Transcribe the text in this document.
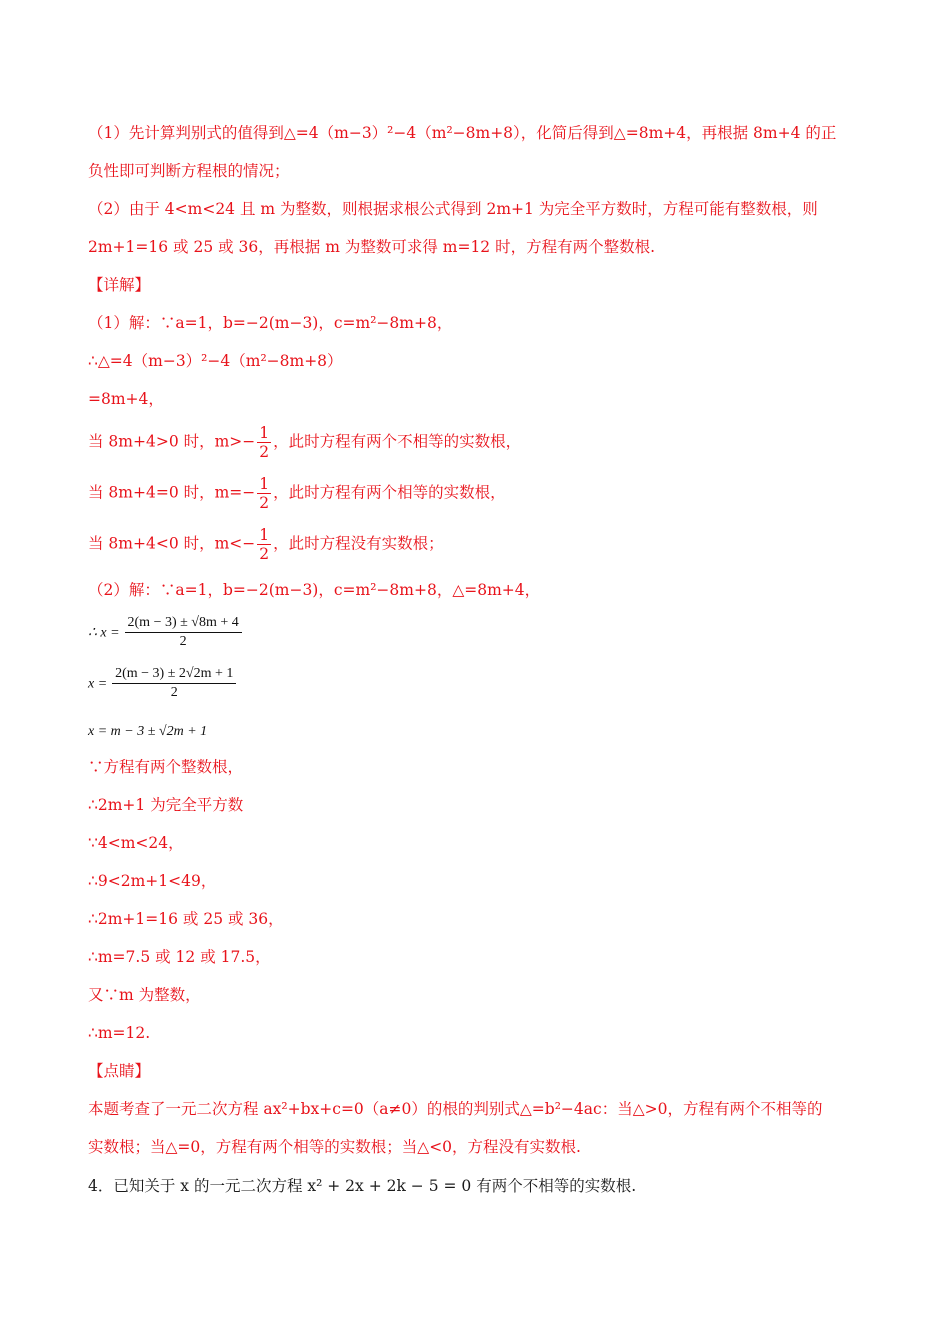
（1）先计算判别式的值得到△=4（m−3）²−4（m²−8m+8），化简后得到△=8m+4，再根据 8m+4 的正
负性即可判断方程根的情况；
（2）由于 4<m<24 且 m 为整数，则根据求根公式得到 2m+1 为完全平方数时，方程可能有整数根，则
2m+1=16 或 25 或 36，再根据 m 为整数可求得 m=12 时，方程有两个整数根.
【详解】
（1）解：∵a=1，b=−2(m−3)，c=m²−8m+8，
∴△=4（m−3）²−4（m²−8m+8）
=8m+4，
当 8m+4>0 时，$m>- \frac{1}{2}$ ，此时方程有两个不相等的实数根，
当 8m+4=0 时，$m=- \frac{1}{2}$ ，此时方程有两个相等的实数根，
当 8m+4<0 时，$m<- \frac{1}{2}$ ，此时方程没有实数根；
（2）解：∵a=1，b=−2(m−3)，c=m²−8m+8，△=8m+4，
∴ $x = \frac{2(m - 3) \pm √8m + 4}{2}$
$x = \frac{2(m - 3) \pm 2√2m + 1}{2}$
x = m − 3 ± √2m + 1
∵方程有两个整数根，
∴2m+1 为完全平方数
∵4<m<24，
∴9<2m+1<49，
∴2m+1=16 或 25 或 36，
∴m=7.5 或 12 或 17.5，
又∵m 为整数，
∴m=12.
【点睛】
本题考查了一元二次方程 ax²+bx+c=0（a≠0）的根的判别式△=b²−4ac：当△>0，方程有两个不相等的
实数根；当△=0，方程有两个相等的实数根；当△<0，方程没有实数根.
4．已知关于 x 的一元二次方程 x² + 2x + 2k − 5 = 0 有两个不相等的实数根.
